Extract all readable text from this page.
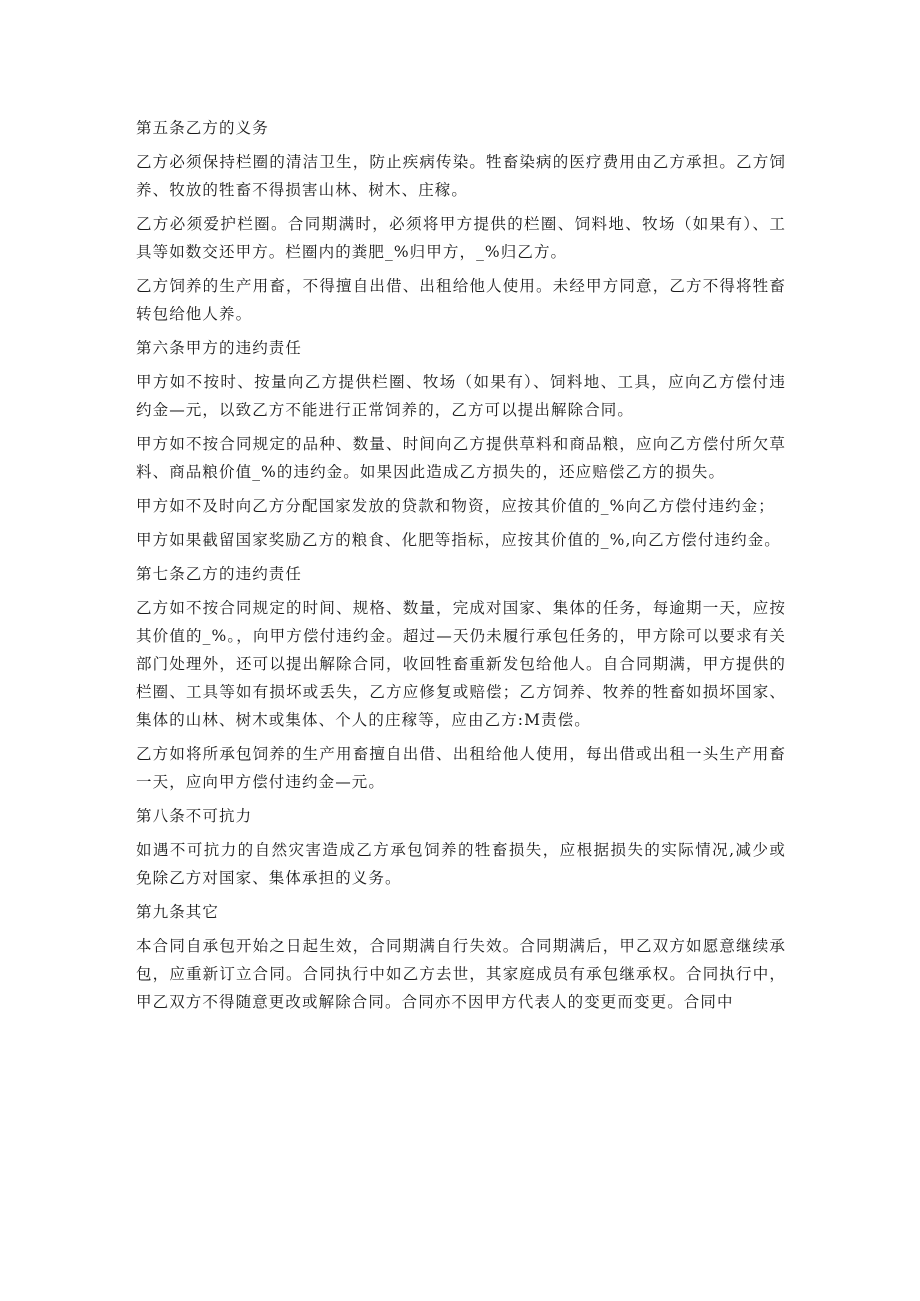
第五条乙方的义务
乙方必须保持栏圈的清洁卫生，防止疾病传染。牲畜染病的医疗费用由乙方承担。乙方饲养、牧放的牲畜不得损害山林、树木、庄稼。
乙方必须爱护栏圈。合同期满时，必须将甲方提供的栏圈、饲料地、牧场（如果有）、工具等如数交还甲方。栏圈内的粪肥_%归甲方，_%归乙方。
乙方饲养的生产用畜，不得擅自出借、出租给他人使用。未经甲方同意，乙方不得将牲畜转包给他人养。
第六条甲方的违约责任
甲方如不按时、按量向乙方提供栏圈、牧场（如果有）、饲料地、工具，应向乙方偿付违约金—元，以致乙方不能进行正常饲养的，乙方可以提出解除合同。
甲方如不按合同规定的品种、数量、时间向乙方提供草料和商品粮，应向乙方偿付所欠草料、商品粮价值_%的违约金。如果因此造成乙方损失的，还应赔偿乙方的损失。
甲方如不及时向乙方分配国家发放的贷款和物资，应按其价值的_%向乙方偿付违约金；
甲方如果截留国家奖励乙方的粮食、化肥等指标，应按其价值的_%,向乙方偿付违约金。
第七条乙方的违约责任
乙方如不按合同规定的时间、规格、数量，完成对国家、集体的任务，每逾期一天，应按其价值的_%。，向甲方偿付违约金。超过—天仍未履行承包任务的，甲方除可以要求有关部门处理外，还可以提出解除合同，收回牲畜重新发包给他人。自合同期满，甲方提供的栏圈、工具等如有损坏或丢失，乙方应修复或赔偿；乙方饲养、牧养的牲畜如损坏国家、集体的山林、树木或集体、个人的庄稼等，应由乙方:M责偿。
乙方如将所承包饲养的生产用畜擅自出借、出租给他人使用，每出借或出租一头生产用畜一天，应向甲方偿付违约金—元。
第八条不可抗力
如遇不可抗力的自然灾害造成乙方承包饲养的牲畜损失，应根据损失的实际情况,减少或免除乙方对国家、集体承担的义务。
第九条其它
本合同自承包开始之日起生效，合同期满自行失效。合同期满后，甲乙双方如愿意继续承包，应重新订立合同。合同执行中如乙方去世，其家庭成员有承包继承权。合同执行中，甲乙双方不得随意更改或解除合同。合同亦不因甲方代表人的变更而变更。合同中
